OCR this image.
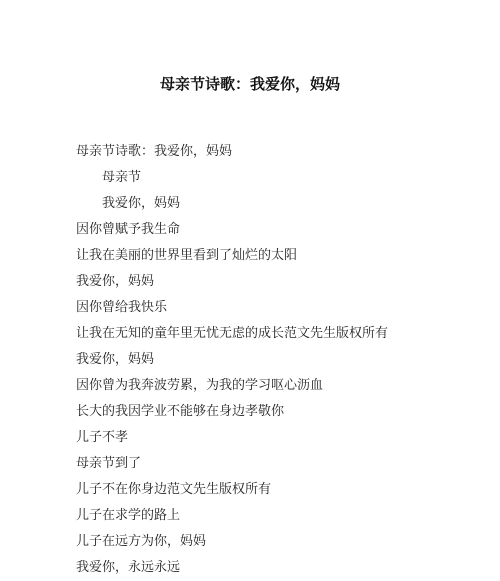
母亲节诗歌：我爱你，妈妈
母亲节诗歌：我爱你，妈妈
母亲节
我爱你，妈妈
因你曾赋予我生命
让我在美丽的世界里看到了灿烂的太阳
我爱你，妈妈
因你曾给我快乐
让我在无知的童年里无忧无虑的成长范文先生版权所有
我爱你，妈妈
因你曾为我奔波劳累，为我的学习呕心沥血
长大的我因学业不能够在身边孝敬你
儿子不孝
母亲节到了
儿子不在你身边范文先生版权所有
儿子在求学的路上
儿子在远方为你，妈妈
我爱你，永远永远
